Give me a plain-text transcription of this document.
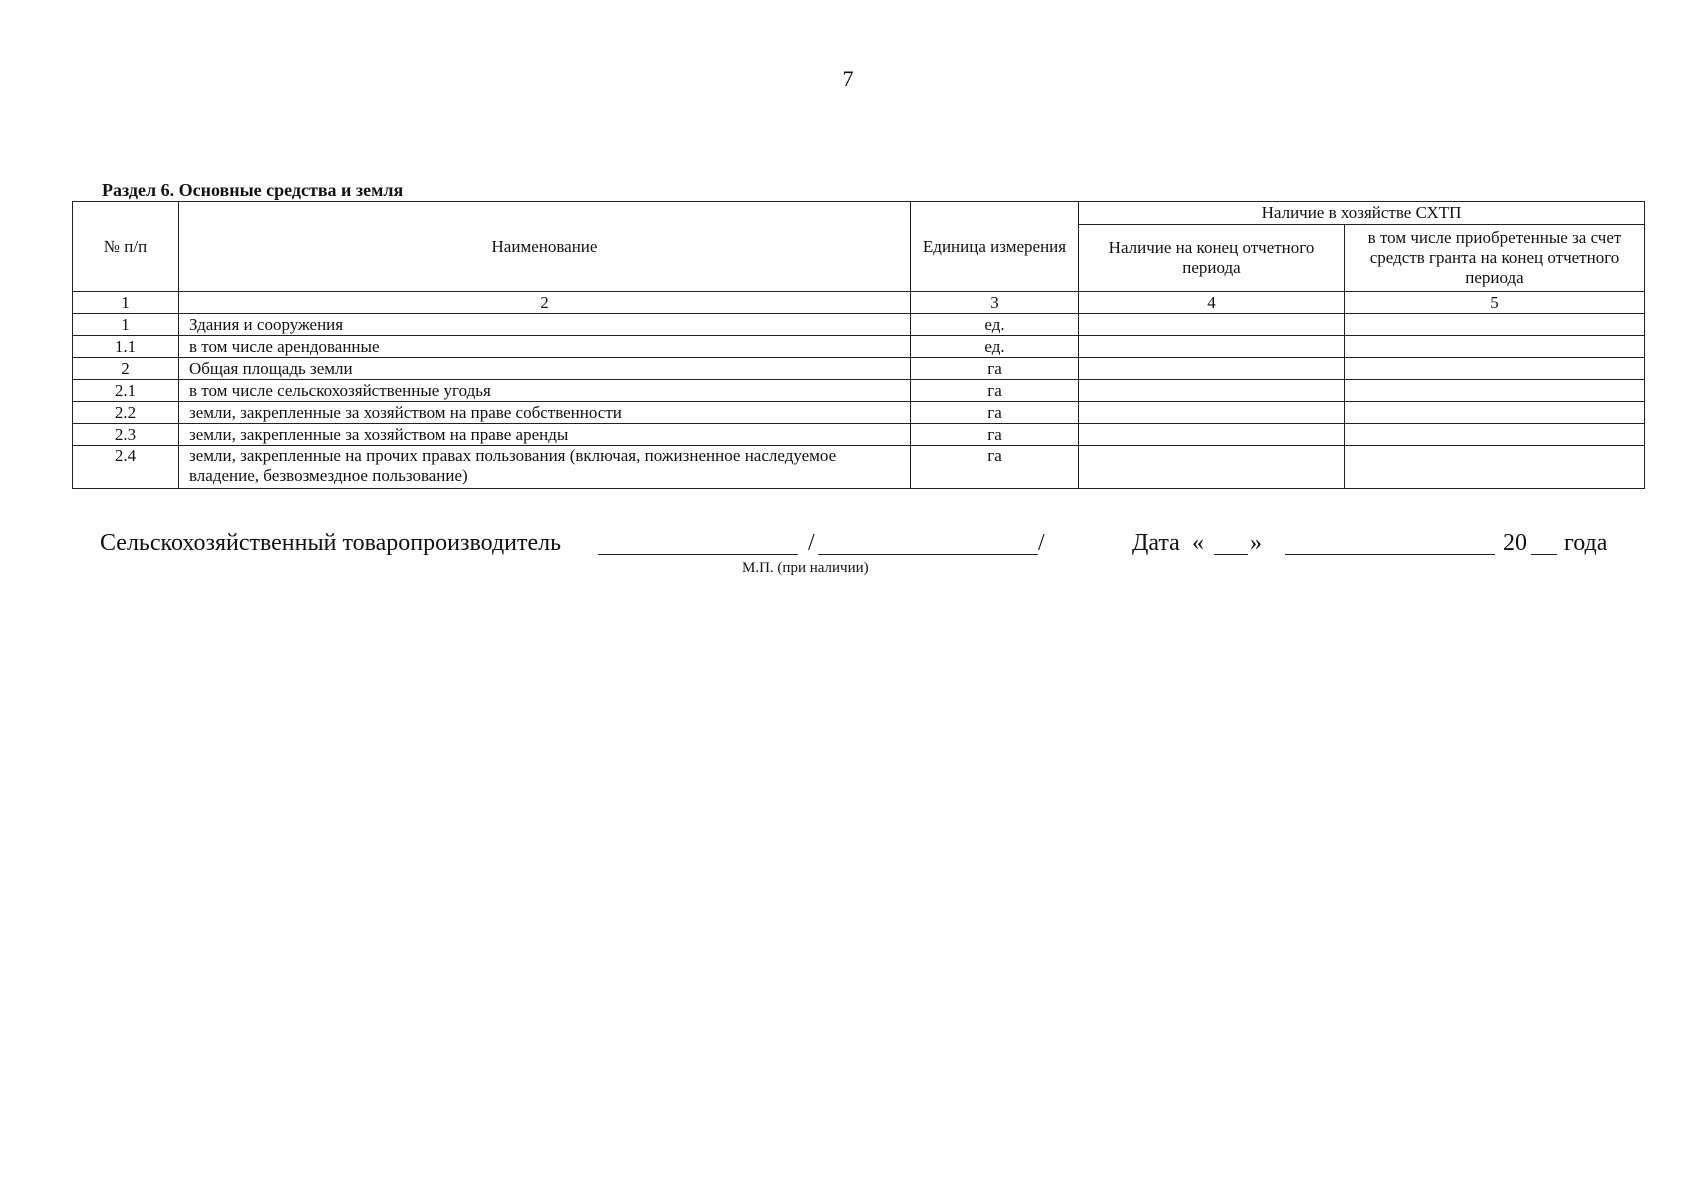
7
Раздел 6. Основные средства и земля
№ п/п	Наименование	Единица измерения	Наличие в хозяйстве СХТП	
			Наличие на конец отчетного периода	в том числе приобретенные за счет средств гранта на конец отчетного периода
1	2	3	4	5
1	Здания и сооружения	ед.		
1.1	в том числе арендованные	ед.		
2	Общая площадь земли	га		
2.1	в том числе сельскохозяйственные угодья	га		
2.2	земли, закрепленные за хозяйством на праве собственности	га		
2.3	земли, закрепленные за хозяйством на праве аренды	га		
2.4	земли, закрепленные на прочих правах пользования (включая, пожизненное наследуемое владение, безвозмездное пользование)	га		
Сельскохозяйственный товаропроизводитель	/	/
М.П. (при наличии)
Дата « »	20 года
